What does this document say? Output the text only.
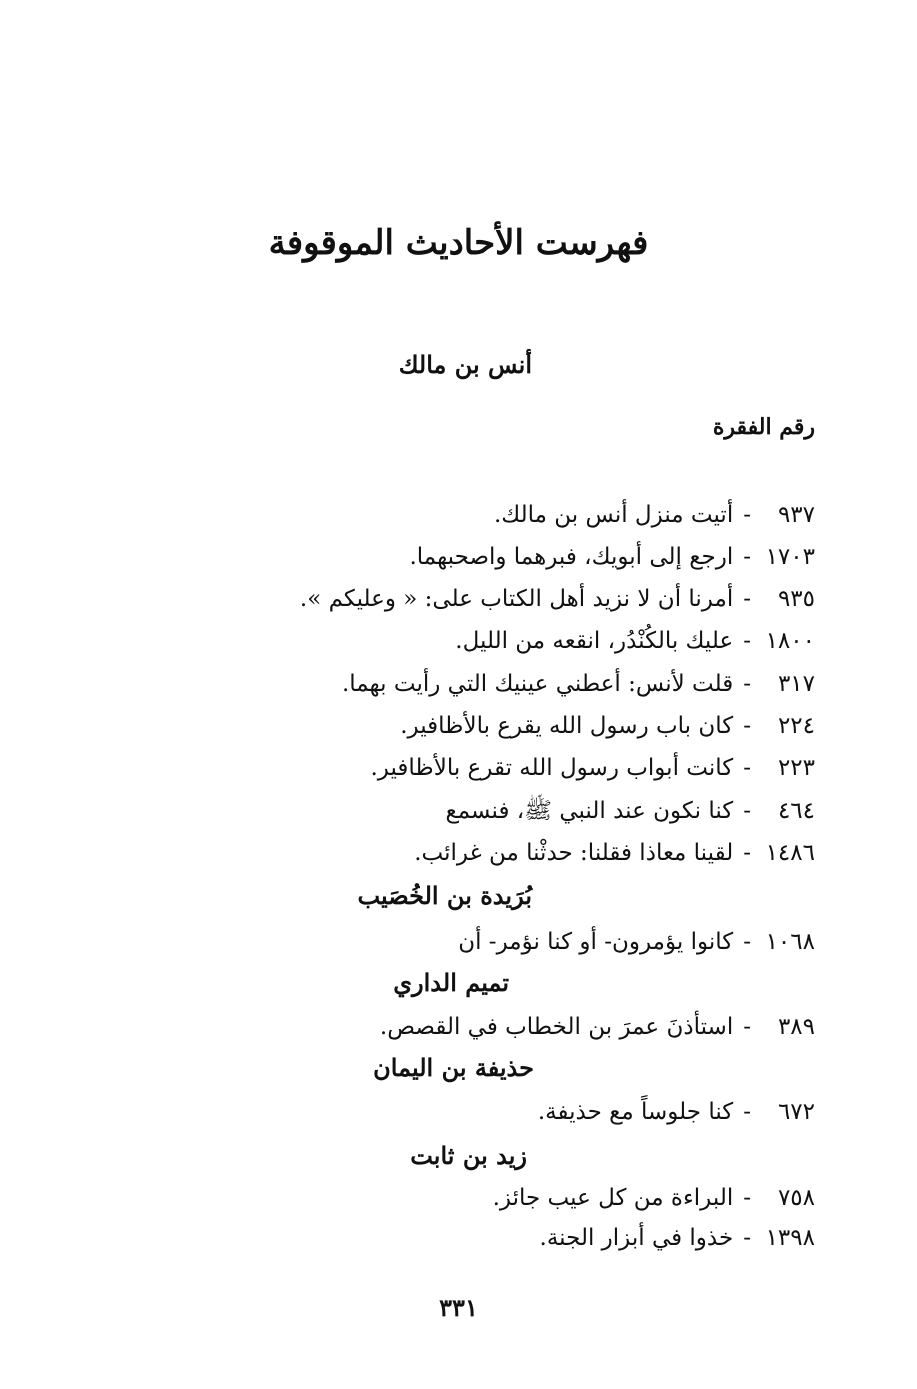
فهرست الأحاديث الموقوفة
أنس بن مالك
رقم الفقرة
٩٣٧-أتيت منزل أنس بن مالك.
١٧٠٣-ارجع إلى أبويك، فبرهما واصحبهما.
٩٣٥-أمرنا أن لا نزيد أهل الكتاب على: « وعليكم ».
١٨٠٠-عليك بالكُنْدُر، انقعه من الليل.
٣١٧-قلت لأنس: أعطني عينيك التي رأيت بهما.
٢٢٤-كان باب رسول الله يقرع بالأظافير.
٢٢٣-كانت أبواب رسول الله تقرع بالأظافير.
٤٦٤-كنا نكون عند النبي ﷺ، فنسمع
١٤٨٦-لقينا معاذا فقلنا: حدثْنا من غرائب.
بُرَيدة بن الخُصَيب
١٠٦٨-كانوا يؤمرون- أو كنا نؤمر- أن
تميم الداري
٣٨٩-استأذنَ عمرَ بن الخطاب في القصص.
حذيفة بن اليمان
٦٧٢-كنا جلوساً مع حذيفة.
زيد بن ثابت
٧٥٨-البراءة من كل عيب جائز.
١٣٩٨-خذوا في أبزار الجنة.
٣٣١
